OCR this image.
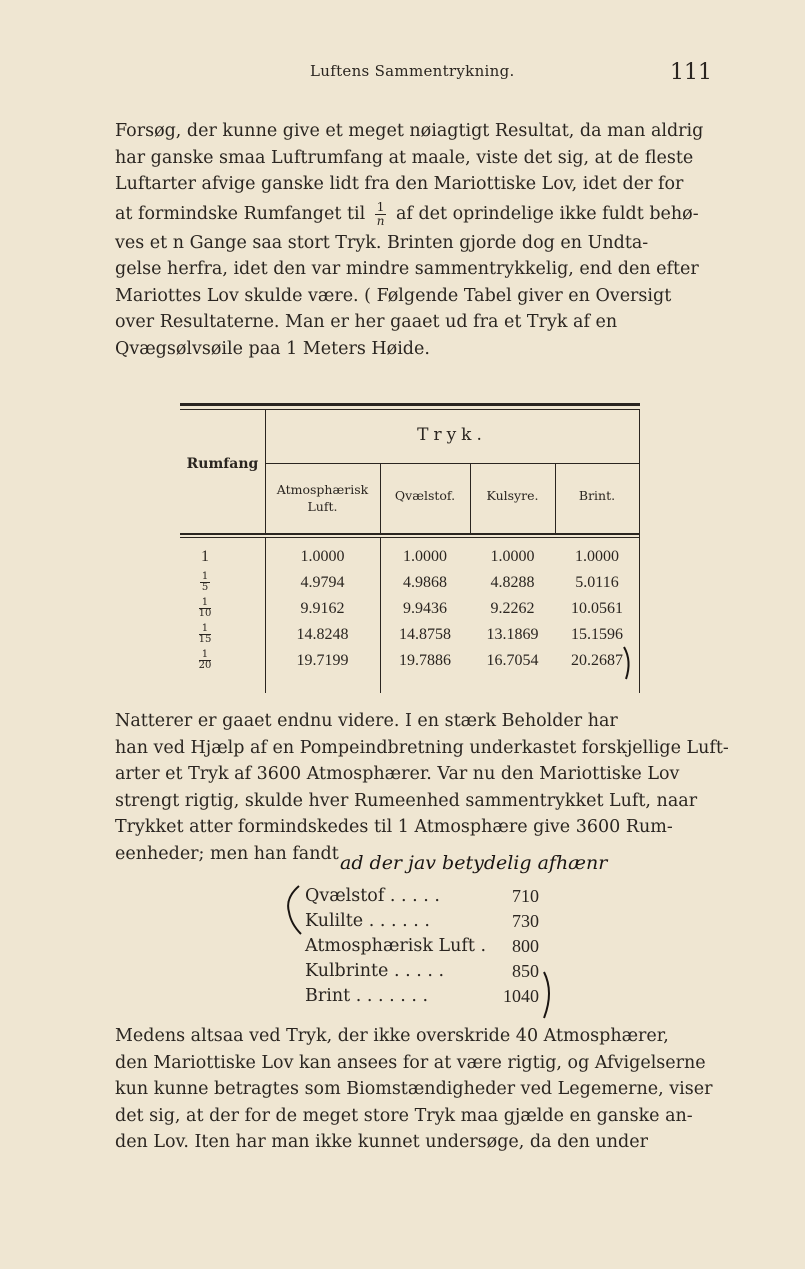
Luftens Sammentrykning.	111
Forsøg, der kunne give et meget nøiagtigt Resultat, da man aldrig
har ganske smaa Luftrumfang at maale, viste det sig, at de fleste
Luftarter afvige ganske lidt fra den Mariottiske Lov, idet der for
at formindske Rumfanget til $\frac{1}{n}$ af det oprindelige ikke fuldt behø-
ves et n Gange saa stort Tryk. Brinten gjorde dog en Undta-
gelse herfra, idet den var mindre sammentrykkelig, end den efter
Mariottes Lov skulde være. ( Følgende Tabel giver en Oversigt
over Resultaterne. Man er her gaaet ud fra et Tryk af en
Qvægsølvsøile paa 1 Meters Høide.
Rumfang
Tryk.
Atmosphærisk Luft.
Qvælstof.	Kulsyre.	Brint.
1	1.0000	1.0000	1.0000	1.0000
$\frac{1}{5}$	4.9794	4.9868	4.8288	5.0116
$\frac{1}{10}$	9.9162	9.9436	9.2262	10.0561
$\frac{1}{15}$	14.8248	14.8758	13.1869	15.1596
$\frac{1}{20}$	19.7199	19.7886	16.7054	20.2687
Natterer er gaaet endnu videre. I en stærk Beholder har
han ved Hjælp af en Pompeindbretning underkastet forskjellige Luft-
arter et Tryk af 3600 Atmosphærer. Var nu den Mariottiske Lov
strengt rigtig, skulde hver Rumeenhed sammentrykket Luft, naar
Trykket atter formindskedes til 1 Atmosphære give 3600 Rum-
eenheder; men han fandt ad der jav betydelig afhænr
Qvælstof . . . . .	710
Kulilte . . . . . .	730
Atmosphærisk Luft . 800
Kulbrinte . . . . .	850
Brint . . . . . . .	1040
Medens altsaa ved Tryk, der ikke overskride 40 Atmosphærer,
den Mariottiske Lov kan ansees for at være rigtig, og Afvigelserne
kun kunne betragtes som Biomstændigheder ved Legemerne, viser
det sig, at der for de meget store Tryk maa gjælde en ganske an-
den Lov. Iten har man ikke kunnet undersøge, da den under
